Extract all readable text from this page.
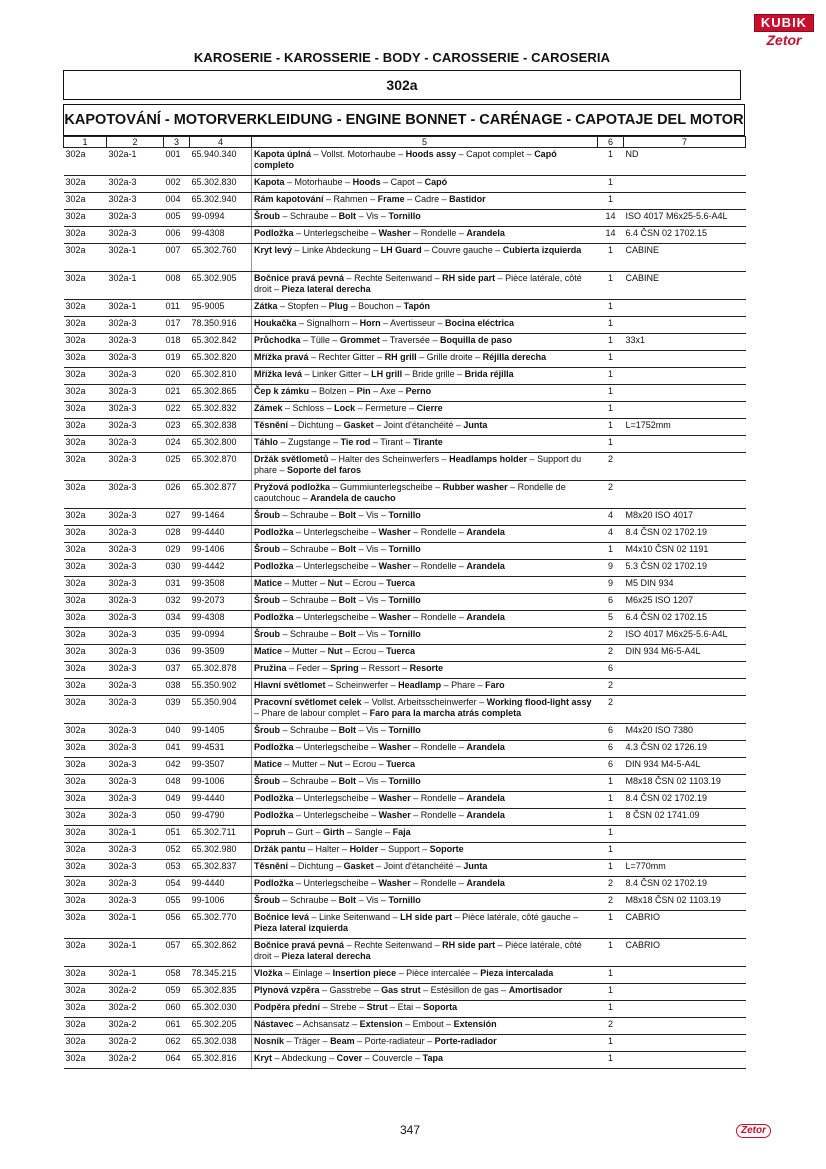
KUBIK
Zetor
KAROSERIE - KAROSSERIE - BODY - CAROSSERIE - CAROSERIA
302a
KAPOTOVÁNÍ - MOTORVERKLEIDUNG - ENGINE BONNET - CARÉNAGE - CAPOTAJE DEL MOTOR
1	2	3	4	5	6	7
302a	302a-1	001	65.940.340	Kapota úplná – Vollst. Motorhaube – Hoods assy – Capot complet – Capó completo	1	ND
302a	302a-3	002	65.302.830	Kapota – Motorhaube – Hoods – Capot – Capó	1	
302a	302a-3	004	65.302.940	Rám kapotování – Rahmen – Frame – Cadre – Bastidor	1	
302a	302a-3	005	99-0994	Šroub – Schraube – Bolt – Vis – Tornillo	14	ISO 4017 M6x25-5.6-A4L
302a	302a-3	006	99-4308	Podložka – Unterlegscheibe – Washer – Rondelle – Arandela	14	6.4 ČSN 02 1702.15
302a	302a-1	007	65.302.760	Kryt levý – Linke Abdeckung – LH Guard – Couvre gauche – Cubierta izquierda	1	CABINE
302a	302a-1	008	65.302.905	Bočnice pravá pevná – Rechte Seitenwand – RH side part – Pièce latérale, côté droit – Pieza lateral derecha	1	CABINE
302a	302a-1	011	95-9005	Zátka – Stopfen – Plug – Bouchon – Tapón	1	
302a	302a-3	017	78.350.916	Houkačka – Signalhorn – Horn – Avertisseur – Bocina eléctrica	1	
302a	302a-3	018	65.302.842	Průchodka – Tülle – Grommet – Traversée – Boquilla de paso	1	33x1
302a	302a-3	019	65.302.820	Mřížka pravá – Rechter Gitter – RH grill – Grille droite – Réjilla derecha	1	
302a	302a-3	020	65.302.810	Mřížka levá – Linker Gitter – LH grill – Bride grille – Brida réjilla	1	
302a	302a-3	021	65.302.865	Čep k zámku – Bolzen – Pin – Axe – Perno	1	
302a	302a-3	022	65.302.832	Zámek – Schloss – Lock – Fermeture – Cierre	1	
302a	302a-3	023	65.302.838	Těsnění – Dichtung – Gasket – Joint d'étanchéité – Junta	1	L=1752mm
302a	302a-3	024	65.302.800	Táhlo – Zugstange – Tie rod – Tirant – Tirante	1	
302a	302a-3	025	65.302.870	Držák světlometů – Halter des Scheinwerfers – Headlamps holder – Support du phare – Soporte del faros	2	
302a	302a-3	026	65.302.877	Pryžová podložka – Gummiunterlegscheibe – Rubber washer – Rondelle de caoutchouc – Arandela de caucho	2	
302a	302a-3	027	99-1464	Šroub – Schraube – Bolt – Vis – Tornillo	4	M8x20 ISO 4017
302a	302a-3	028	99-4440	Podložka – Unterlegscheibe – Washer – Rondelle – Arandela	4	8.4 ČSN 02 1702.19
302a	302a-3	029	99-1406	Šroub – Schraube – Bolt – Vis – Tornillo	1	M4x10 ČSN 02 1191
302a	302a-3	030	99-4442	Podložka – Unterlegscheibe – Washer – Rondelle – Arandela	9	5.3 ČSN 02 1702.19
302a	302a-3	031	99-3508	Matice – Mutter – Nut – Ecrou – Tuerca	9	M5 DIN 934
302a	302a-3	032	99-2073	Šroub – Schraube – Bolt – Vis – Tornillo	6	M6x25 ISO 1207
302a	302a-3	034	99-4308	Podložka – Unterlegscheibe – Washer – Rondelle – Arandela	5	6.4 ČSN 02 1702.15
302a	302a-3	035	99-0994	Šroub – Schraube – Bolt – Vis – Tornillo	2	ISO 4017 M6x25-5.6-A4L
302a	302a-3	036	99-3509	Matice – Mutter – Nut – Ecrou – Tuerca	2	DIN 934 M6-5-A4L
302a	302a-3	037	65.302.878	Pružina – Feder – Spring – Ressort – Resorte	6	
302a	302a-3	038	55.350.902	Hlavní světlomet – Scheinwerfer – Headlamp – Phare – Faro	2	
302a	302a-3	039	55.350.904	Pracovní světlomet celek – Vollst. Arbeitsscheinwerfer – Working flood-light assy – Phare de labour complet – Faro para la marcha atrás completa	2	
302a	302a-3	040	99-1405	Šroub – Schraube – Bolt – Vis – Tornillo	6	M4x20 ISO 7380
302a	302a-3	041	99-4531	Podložka – Unterlegscheibe – Washer – Rondelle – Arandela	6	4.3 ČSN 02 1726.19
302a	302a-3	042	99-3507	Matice – Mutter – Nut – Ecrou – Tuerca	6	DIN 934 M4-5-A4L
302a	302a-3	048	99-1006	Šroub – Schraube – Bolt – Vis – Tornillo	1	M8x18 ČSN 02 1103.19
302a	302a-3	049	99-4440	Podložka – Unterlegscheibe – Washer – Rondelle – Arandela	1	8.4 ČSN 02 1702.19
302a	302a-3	050	99-4790	Podložka – Unterlegscheibe – Washer – Rondelle – Arandela	1	8 ČSN 02 1741.09
302a	302a-1	051	65.302.711	Popruh – Gurt – Girth – Sangle – Faja	1	
302a	302a-3	052	65.302.980	Držák pantu – Halter – Holder – Support – Soporte	1	
302a	302a-3	053	65.302.837	Těsnění – Dichtung – Gasket – Joint d'étanchéité – Junta	1	L=770mm
302a	302a-3	054	99-4440	Podložka – Unterlegscheibe – Washer – Rondelle – Arandela	2	8.4 ČSN 02 1702.19
302a	302a-3	055	99-1006	Šroub – Schraube – Bolt – Vis – Tornillo	2	M8x18 ČSN 02 1103.19
302a	302a-1	056	65.302.770	Bočnice levá – Linke Seitenwand – LH side part – Pièce latérale, côté gauche – Pieza lateral izquierda	1	CABRIO
302a	302a-1	057	65.302.862	Bočnice pravá pevná – Rechte Seitenwand – RH side part – Pièce latérale, côté droit – Pieza lateral derecha	1	CABRIO
302a	302a-1	058	78.345.215	Vložka – Einlage – Insertion piece – Pièce intercalée – Pieza intercalada	1	
302a	302a-2	059	65.302.835	Plynová vzpěra – Gasstrebe – Gas strut – Estésillon de gas – Amortisador	1	
302a	302a-2	060	65.302.030	Podpěra přední – Strebe – Strut – Etai – Soporta	1	
302a	302a-2	061	65.302.205	Nástavec – Achsansatz – Extension – Embout – Extensión	2	
302a	302a-2	062	65.302.038	Nosník – Träger – Beam – Porte-radiateur – Porte-radiador	1	
302a	302a-2	064	65.302.816	Kryt – Abdeckung – Cover – Couvercle – Tapa	1	
347	Zetor
